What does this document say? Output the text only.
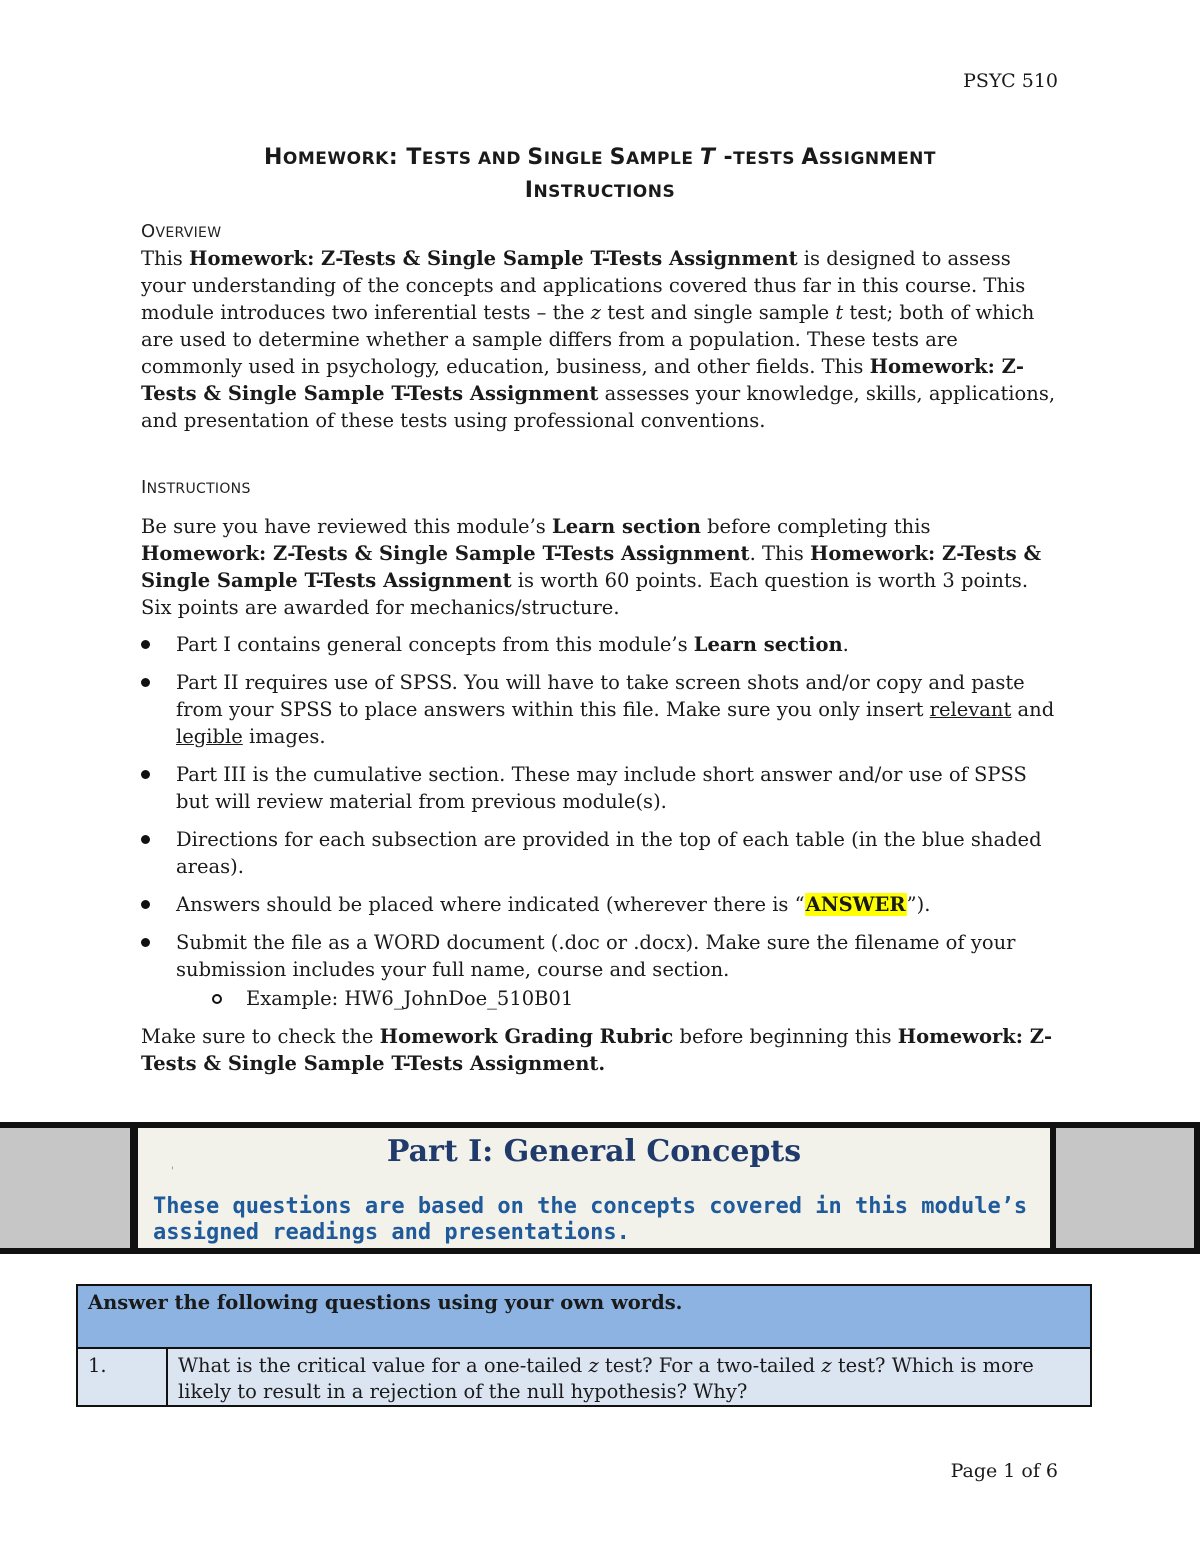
PSYC 510
HOMEWORK: TESTS AND SINGLE SAMPLE T -TESTS ASSIGNMENT
INSTRUCTIONS
OVERVIEW

This Homework: Z-Tests & Single Sample T-Tests Assignment is designed to assess your understanding of the concepts and applications covered thus far in this course. This module introduces two inferential tests – the z test and single sample t test; both of which are used to determine whether a sample differs from a population. These tests are commonly used in psychology, education, business, and other fields. This Homework: Z-Tests & Single Sample T-Tests Assignment assesses your knowledge, skills, applications, and presentation of these tests using professional conventions.

INSTRUCTIONS

Be sure you have reviewed this module’s Learn section before completing this Homework: Z-Tests & Single Sample T-Tests Assignment. This Homework: Z-Tests & Single Sample T-Tests Assignment is worth 60 points. Each question is worth 3 points. Six points are awarded for mechanics/structure.

Part I contains general concepts from this module’s Learn section.
Part II requires use of SPSS. You will have to take screen shots and/or copy and paste from your SPSS to place answers within this file. Make sure you only insert relevant and legible images.
Part III is the cumulative section. These may include short answer and/or use of SPSS but will review material from previous module(s).
Directions for each subsection are provided in the top of each table (in the blue shaded areas).
Answers should be placed where indicated (wherever there is “ANSWER”).
Submit the file as a WORD document (.doc or .docx). Make sure the filename of your submission includes your full name, course and section.
Example: HW6_JohnDoe_510B01

Make sure to check the Homework Grading Rubric before beginning this Homework: Z-Tests & Single Sample T-Tests Assignment.

Part I: General Concepts
'
These questions are based on the concepts covered in this module’s assigned readings and presentations.
Answer the following questions using your own words.
1.	What is the critical value for a one-tailed z test? For a two-tailed z test? Which is more likely to result in a rejection of the null hypothesis? Why?
Page 1 of 6
